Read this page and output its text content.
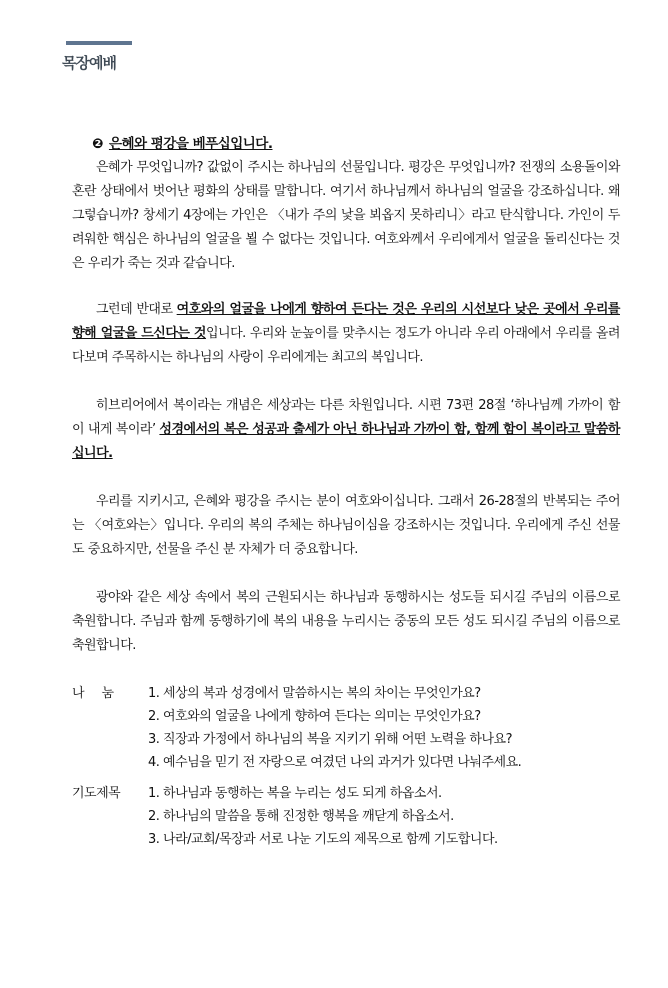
목장예배
❷ 은혜와 평강을 베푸십입니다.

은혜가 무엇입니까? 값없이 주시는 하나님의 선물입니다. 평강은 무엇입니까? 전쟁의 소용돌이와 혼란 상태에서 벗어난 평화의 상태를 말합니다. 여기서 하나님께서 하나님의 얼굴을 강조하십니다. 왜 그렇습니까? 창세기 4장에는 가인은 〈내가 주의 낯을 뵈옵지 못하리니〉라고 탄식합니다. 가인이 두려워한 핵심은 하나님의 얼굴을 뵐 수 없다는 것입니다. 여호와께서 우리에게서 얼굴을 돌리신다는 것은 우리가 죽는 것과 같습니다.

그런데 반대로 여호와의 얼굴을 나에게 향하여 든다는 것은 우리의 시선보다 낮은 곳에서 우리를 향해 얼굴을 드신다는 것입니다. 우리와 눈높이를 맞추시는 정도가 아니라 우리 아래에서 우리를 올려다보며 주목하시는 하나님의 사랑이 우리에게는 최고의 복입니다.

히브리어에서 복이라는 개념은 세상과는 다른 차원입니다. 시편 73편 28절 ‘하나님께 가까이 함이 내게 복이라’ 성경에서의 복은 성공과 출세가 아닌 하나님과 가까이 함, 함께 함이 복이라고 말씀하십니다.

우리를 지키시고, 은혜와 평강을 주시는 분이 여호와이십니다. 그래서 26-28절의 반복되는 주어는 〈여호와는〉입니다. 우리의 복의 주체는 하나님이심을 강조하시는 것입니다. 우리에게 주신 선물도 중요하지만, 선물을 주신 분 자체가 더 중요합니다.

광야와 같은 세상 속에서 복의 근원되시는 하나님과 동행하시는 성도들 되시길 주님의 이름으로 축원합니다. 주님과 함께 동행하기에 복의 내용을 누리시는 중동의 모든 성도 되시길 주님의 이름으로 축원합니다.

나눔	1. 세상의 복과 성경에서 말씀하시는 복의 차이는 무엇인가요?
2. 여호와의 얼굴을 나에게 향하여 든다는 의미는 무엇인가요?
3. 직장과 가정에서 하나님의 복을 지키기 위해 어떤 노력을 하나요?
4. 예수님을 믿기 전 자랑으로 여겼던 나의 과거가 있다면 나눠주세요.
기도제목	1. 하나님과 동행하는 복을 누리는 성도 되게 하옵소서.
2. 하나님의 말씀을 통해 진정한 행복을 깨닫게 하옵소서.
3. 나라/교회/목장과 서로 나눈 기도의 제목으로 함께 기도합니다.
